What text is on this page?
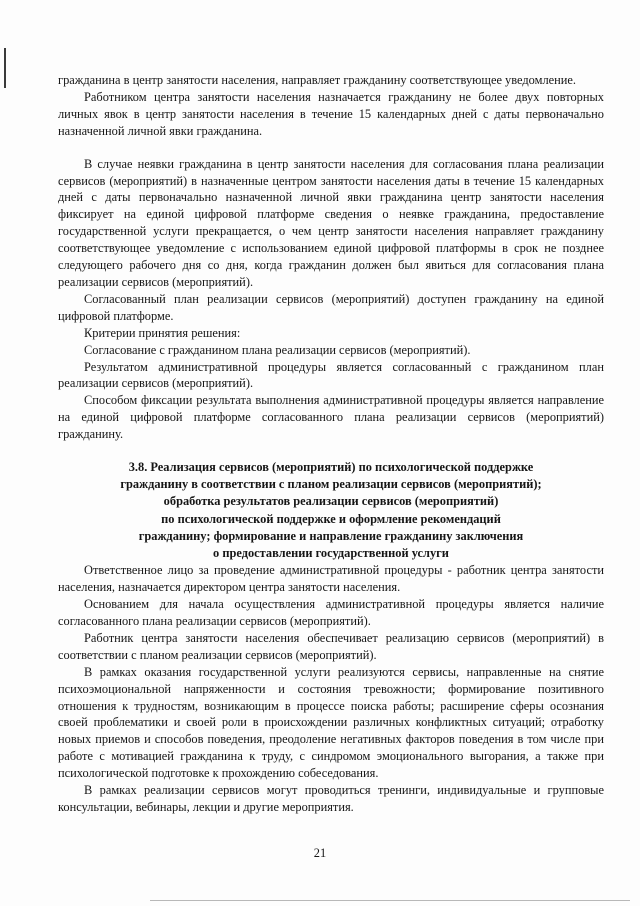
гражданина в центр занятости населения, направляет гражданину соответствующее уведомление.

Работником центра занятости населения назначается гражданину не более двух повторных личных явок в центр занятости населения в течение 15 календарных дней с даты первоначально назначенной личной явки гражданина.

В случае неявки гражданина в центр занятости населения для согласования плана реализации сервисов (мероприятий) в назначенные центром занятости населения даты в течение 15 календарных дней с даты первоначально назначенной личной явки гражданина центр занятости населения фиксирует на единой цифровой платформе сведения о неявке гражданина, предоставление государственной услуги прекращается, о чем центр занятости населения направляет гражданину соответствующее уведомление с использованием единой цифровой платформы в срок не позднее следующего рабочего дня со дня, когда гражданин должен был явиться для согласования плана реализации сервисов (мероприятий).

Согласованный план реализации сервисов (мероприятий) доступен гражданину на единой цифровой платформе.

Критерии принятия решения:

Согласование с гражданином плана реализации сервисов (мероприятий).

Результатом административной процедуры является согласованный с гражданином план реализации сервисов (мероприятий).

Способом фиксации результата выполнения административной процедуры является направление на единой цифровой платформе согласованного плана реализации сервисов (мероприятий) гражданину.

3.8. Реализация сервисов (мероприятий) по психологической поддержке
гражданину в соответствии с планом реализации сервисов (мероприятий);
обработка результатов реализации сервисов (мероприятий)
по психологической поддержке и оформление рекомендаций
гражданину; формирование и направление гражданину заключения
о предоставлении государственной услуги

Ответственное лицо за проведение административной процедуры - работник центра занятости населения, назначается директором центра занятости населения.

Основанием для начала осуществления административной процедуры является наличие согласованного плана реализации сервисов (мероприятий).

Работник центра занятости населения обеспечивает реализацию сервисов (мероприятий) в соответствии с планом реализации сервисов (мероприятий).

В рамках оказания государственной услуги реализуются сервисы, направленные на снятие психоэмоциональной напряженности и состояния тревожности; формирование позитивного отношения к трудностям, возникающим в процессе поиска работы; расширение сферы осознания своей проблематики и своей роли в происхождении различных конфликтных ситуаций; отработку новых приемов и способов поведения, преодоление негативных факторов поведения в том числе при работе с мотивацией гражданина к труду, с синдромом эмоционального выгорания, а также при психологической подготовке к прохождению собеседования.

В рамках реализации сервисов могут проводиться тренинги, индивидуальные и групповые консультации, вебинары, лекции и другие мероприятия.

21
